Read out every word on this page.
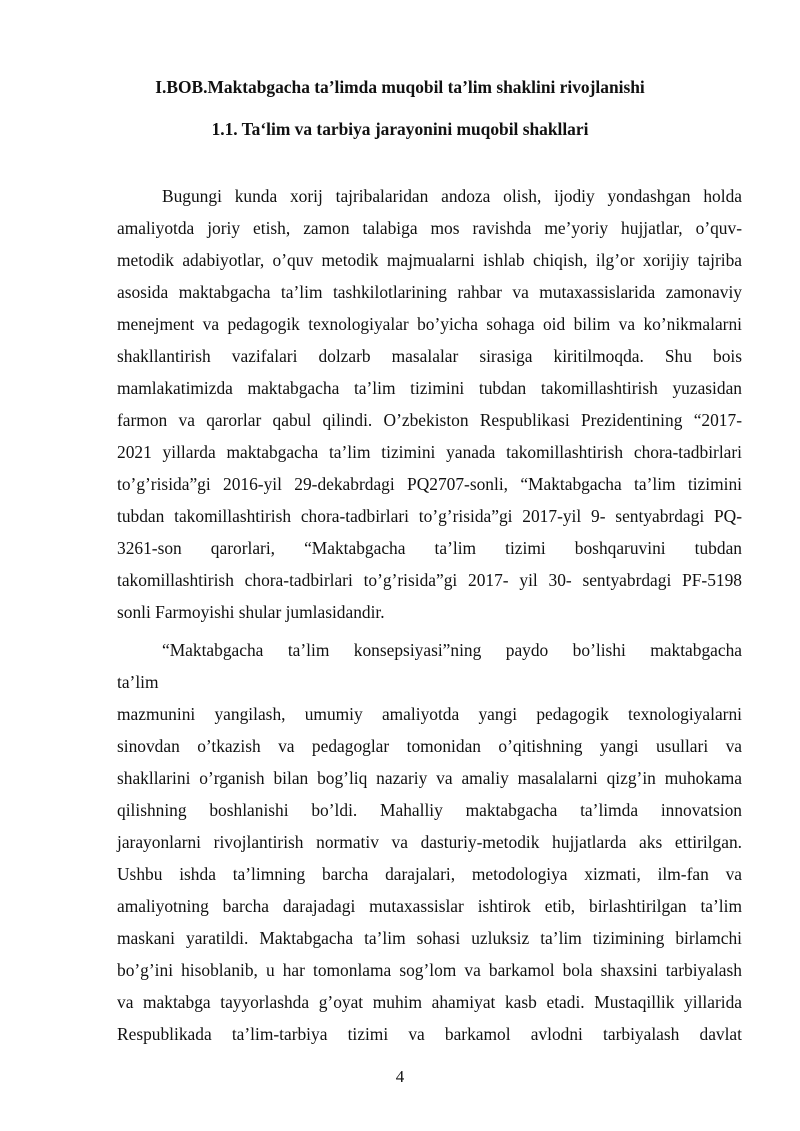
I.BOB.Maktabgacha ta’limda muqobil ta’lim shaklini rivojlanishi
1.1. Ta‘lim va tarbiya jarayonini muqobil shakllari
Bugungi kunda xorij tajribalaridan andoza olish, ijodiy yondashgan holda
amaliyotda joriy etish, zamon talabiga mos ravishda me’yoriy hujjatlar, o’quv-
metodik adabiyotlar, o’quv metodik majmualarni ishlab chiqish, ilg’or xorijiy tajriba
asosida maktabgacha ta’lim tashkilotlarining rahbar va mutaxassislarida zamonaviy
menejment va pedagogik texnologiyalar bo’yicha sohaga oid bilim va ko’nikmalarni
shakllantirish vazifalari dolzarb masalalar sirasiga kiritilmoqda. Shu bois
mamlakatimizda maktabgacha ta’lim tizimini tubdan takomillashtirish yuzasidan
farmon va qarorlar qabul qilindi. O’zbekiston Respublikasi Prezidentining “2017-
2021 yillarda maktabgacha ta’lim tizimini yanada takomillashtirish chora-tadbirlari
to’g’risida”gi 2016-yil 29-dekabrdagi PQ2707-sonli, “Maktabgacha ta’lim tizimini
tubdan takomillashtirish chora-tadbirlari to’g’risida”gi 2017-yil 9- sentyabrdagi PQ-
3261-son qarorlari, “Maktabgacha ta’lim tizimi boshqaruvini tubdan
takomillashtirish chora-tadbirlari to’g’risida”gi 2017- yil 30- sentyabrdagi PF-5198
sonli Farmoyishi shular jumlasidandir.
“Maktabgacha ta’lim konsepsiyasi”ning paydo bo’lishi maktabgacha
ta’lim
mazmunini yangilash, umumiy amaliyotda yangi pedagogik texnologiyalarni
sinovdan o’tkazish va pedagoglar tomonidan o’qitishning yangi usullari va
shakllarini o’rganish bilan bog’liq nazariy va amaliy masalalarni qizg’in muhokama
qilishning boshlanishi bo’ldi. Mahalliy maktabgacha ta’limda innovatsion
jarayonlarni rivojlantirish normativ va dasturiy-metodik hujjatlarda aks ettirilgan.
Ushbu ishda ta’limning barcha darajalari, metodologiya xizmati, ilm-fan va
amaliyotning barcha darajadagi mutaxassislar ishtirok etib, birlashtirilgan ta’lim
maskani yaratildi. Maktabgacha ta’lim sohasi uzluksiz ta’lim tizimining birlamchi
bo’g’ini hisoblanib, u har tomonlama sog’lom va barkamol bola shaxsini tarbiyalash
va maktabga tayyorlashda g’oyat muhim ahamiyat kasb etadi. Mustaqillik yillarida
Respublikada ta’lim-tarbiya tizimi va barkamol avlodni tarbiyalash davlat
4
